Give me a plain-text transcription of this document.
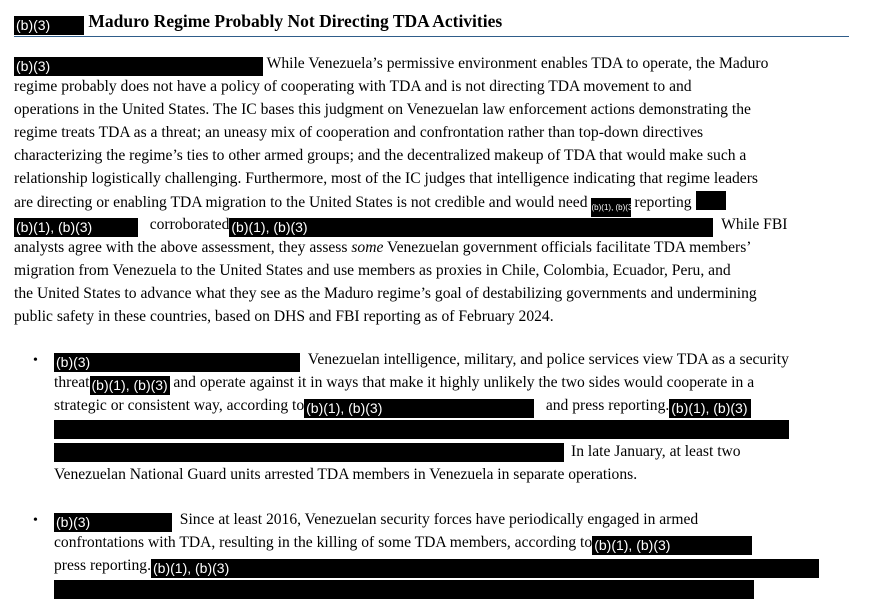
(b)(3) Maduro Regime Probably Not Directing TDA Activities
(b)(3)	While Venezuela’s permissive environment enables TDA to operate, the Maduro
regime probably does not have a policy of cooperating with TDA and is not directing TDA movement to and
operations in the United States. The IC bases this judgment on Venezuelan law enforcement actions demonstrating the
regime treats TDA as a threat; an uneasy mix of cooperation and confrontation rather than top-down directives
characterizing the regime’s ties to other armed groups; and the decentralized makeup of TDA that would make such a
relationship logistically challenging. Furthermore, most of the IC judges that intelligence indicating that regime leaders
are directing or enabling TDA migration to the United States is not credible and would need (b)(1), (b)(3) reporting
(b)(1), (b)(3)	corroborated (b)(1), (b)(3)	While FBI
analysts agree with the above assessment, they assess some Venezuelan government officials facilitate TDA members’
migration from Venezuela to the United States and use members as proxies in Chile, Colombia, Ecuador, Peru, and
the United States to advance what they see as the Maduro regime’s goal of destabilizing governments and undermining
public safety in these countries, based on DHS and FBI reporting as of February 2024.
• (b)(3)	Venezuelan intelligence, military, and police services view TDA as a security
threat (b)(1), (b)(3) and operate against it in ways that make it highly unlikely the two sides would cooperate in a
strategic or consistent way, according to (b)(1), (b)(3)	and press reporting. (b)(1), (b)(3)
In late January, at least two
Venezuelan National Guard units arrested TDA members in Venezuela in separate operations.
• (b)(3)	Since at least 2016, Venezuelan security forces have periodically engaged in armed
confrontations with TDA, resulting in the killing of some TDA members, according to (b)(1), (b)(3)
press reporting. (b)(1), (b)(3)
